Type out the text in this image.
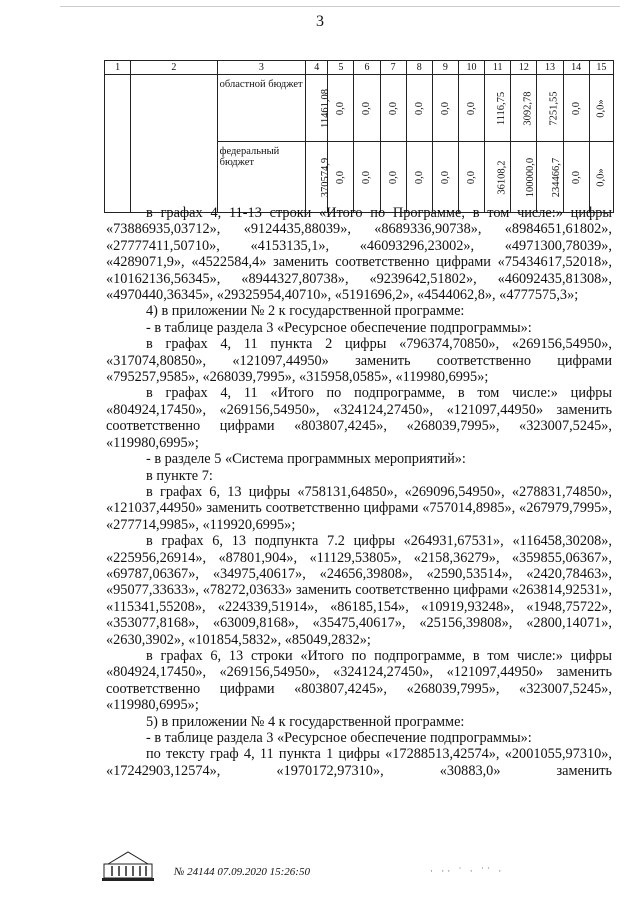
3
1	2	3	4	5	6	7	8	9	10	11	12	13	14	15
		областной бюджет	11461,08	0,0	0,0	0,0	0,0	0,0	0,0	1116,75	3092,78	7251,55	0,0	0,0»
		федеральный бюджет	370574,9	0,0	0,0	0,0	0,0	0,0	0,0	36108,2	100000,0	234466,7	0,0	0,0»

в графах 4, 11-13 строки «Итого по Программе, в том числе:» цифры «73886935,03712», «9124435,88039», «8689336,90738», «8984651,61802», «27777411,50710», «4153135,1», «46093296,23002», «4971300,78039», «4289071,9», «4522584,4» заменить соответственно цифрами «75434617,52018», «10162136,56345», «8944327,80738», «9239642,51802», «46092435,81308», «4970440,36345», «29325954,40710», «5191696,2», «4544062,8», «4777575,3»;

4) в приложении № 2 к государственной программе:

- в таблице раздела 3 «Ресурсное обеспечение подпрограммы»:

в графах 4, 11 пункта 2 цифры «796374,70850», «269156,54950», «317074,80850», «121097,44950» заменить соответственно цифрами «795257,9585», «268039,7995», «315958,0585», «119980,6995»;

в графах 4, 11 «Итого по подпрограмме, в том числе:» цифры «804924,17450», «269156,54950», «324124,27450», «121097,44950» заменить соответственно цифрами «803807,4245», «268039,7995», «323007,5245», «119980,6995»;

- в разделе 5 «Система программных мероприятий»:

в пункте 7:

в графах 6, 13 цифры «758131,64850», «269096,54950», «278831,74850», «121037,44950» заменить соответственно цифрами «757014,8985», «267979,7995», «277714,9985», «119920,6995»;

в графах 6, 13 подпункта 7.2 цифры «264931,67531», «116458,30208», «225956,26914», «87801,904», «11129,53805», «2158,36279», «359855,06367», «69787,06367», «34975,40617», «24656,39808», «2590,53514», «2420,78463», «95077,33633», «78272,03633» заменить соответственно цифрами «263814,92531», «115341,55208», «224339,51914», «86185,154», «10919,93248», «1948,75722», «353077,8168», «63009,8168», «35475,40617», «25156,39808», «2800,14071», «2630,3902», «101854,5832», «85049,2832»;

в графах 6, 13 строки «Итого по подпрограмме, в том числе:» цифры «804924,17450», «269156,54950», «324124,27450», «121097,44950» заменить соответственно цифрами «803807,4245», «268039,7995», «323007,5245», «119980,6995»;

5) в приложении № 4 к государственной программе:

- в таблице раздела 3 «Ресурсное обеспечение подпрограммы»:

по тексту граф 4, 11 пункта 1 цифры «17288513,42574», «2001055,97310», «17242903,12574», «1970172,97310», «30883,0» заменить

№ 24144 07.09.2020 15:26:50	· ·· ˙ · ˙˙ ·
